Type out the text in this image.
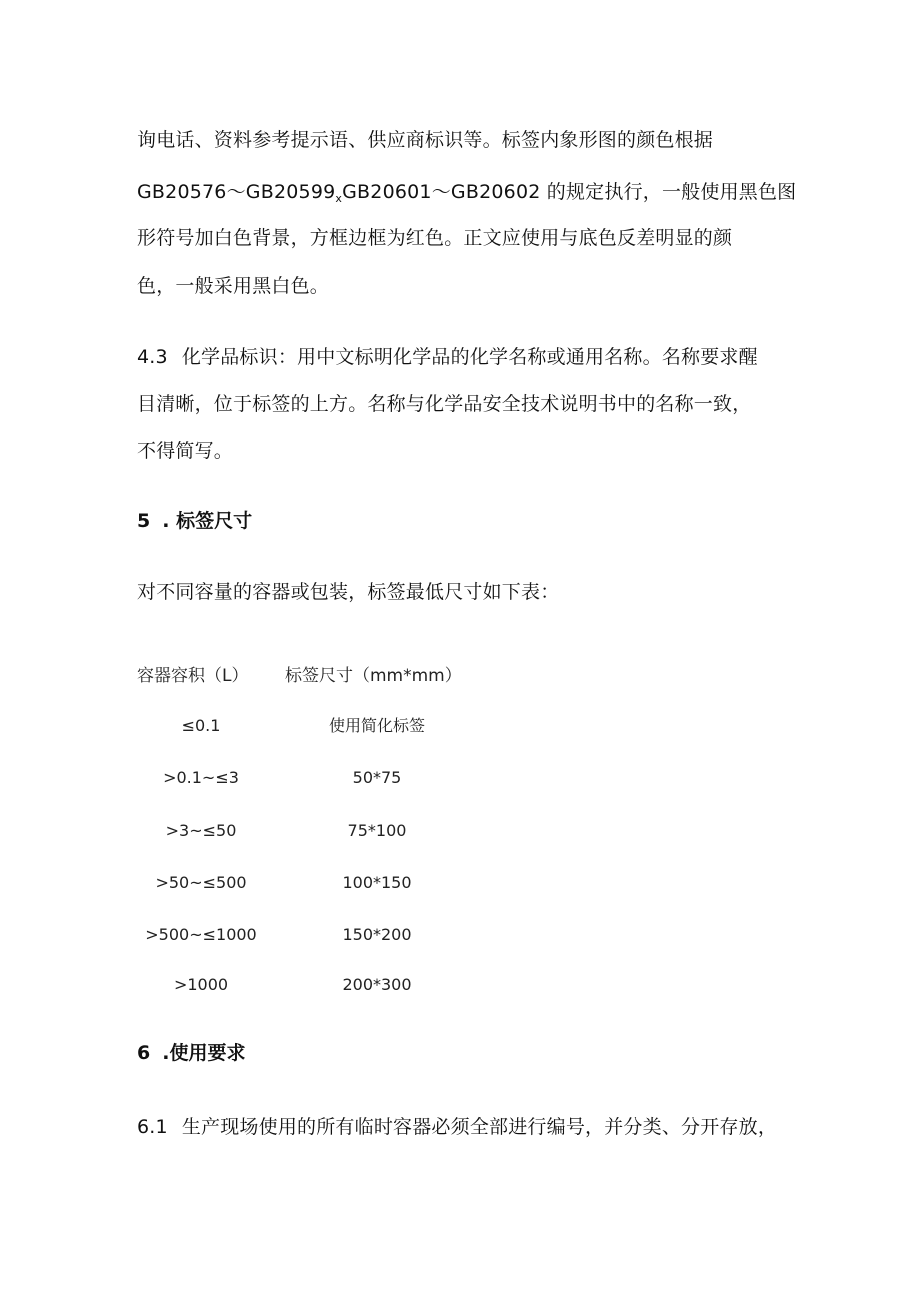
询电话、资料参考提示语、供应商标识等。标签内象形图的颜色根据
$GB20576\sim GB20599_xGB20601\sim GB20602$ 的规定执行，一般使用黑色图
形符号加白色背景，方框边框为红色。正文应使用与底色反差明显的颜
色，一般采用黑白色。
4.3 化学品标识：用中文标明化学品的化学名称或通用名称。名称要求醒
目清晰，位于标签的上方。名称与化学品安全技术说明书中的名称一致，
不得简写。
5 . 标签尺寸
对不同容量的容器或包装，标签最低尺寸如下表：
容器容积（L） 标签尺寸（mm*mm）
≤0.1	使用简化标签
>0.1~≤3	50*75
>3~≤50	75*100
>50~≤500	100*150
>500~≤1000	150*200
>1000	200*300
6 .使用要求
6.1 生产现场使用的所有临时容器必须全部进行编号，并分类、分开存放，
